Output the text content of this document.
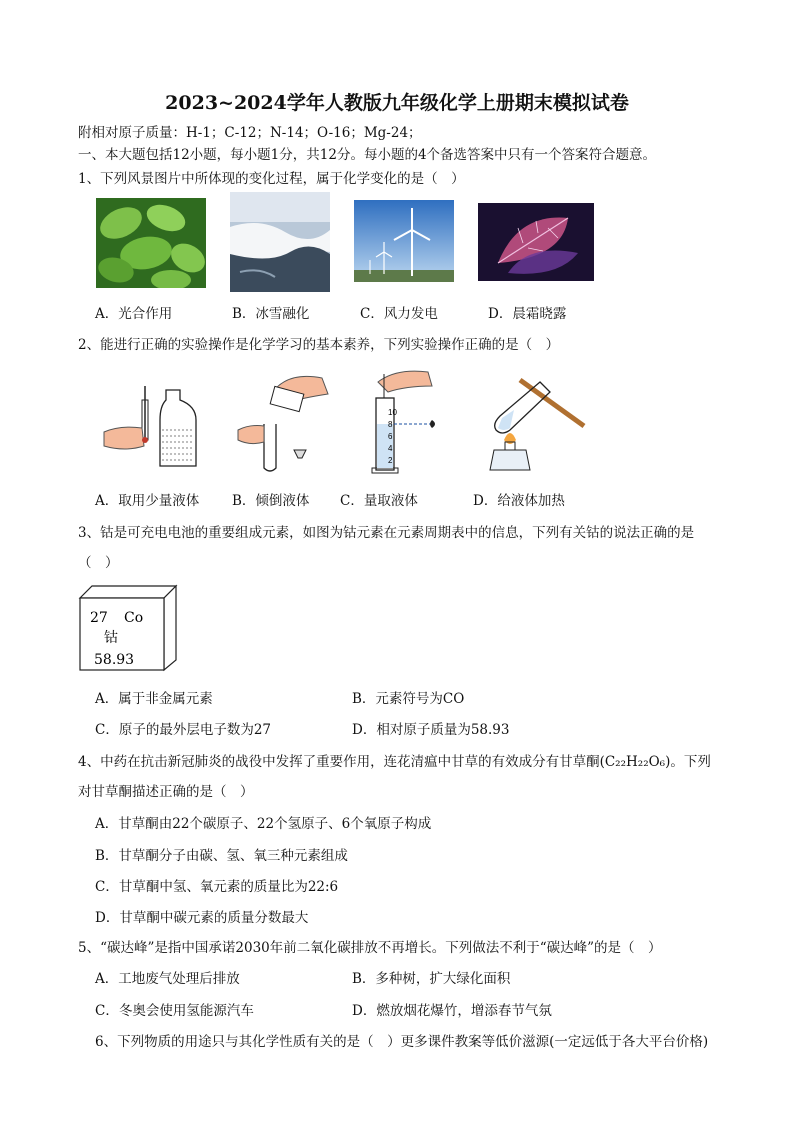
2023~2024学年人教版九年级化学上册期末模拟试卷
附相对原子质量：H-1；C-12；N-14；O-16；Mg-24；
一、本大题包括12小题，每小题1分，共12分。每小题的4个备选答案中只有一个答案符合题意。
1、下列风景图片中所体现的变化过程，属于化学变化的是（　）
A．光合作用	B．冰雪融化	C．风力发电	D．晨霜晓露
2、能进行正确的实验操作是化学学习的基本素养，下列实验操作正确的是（　）
10
8
6
4
2
A．取用少量液体 B．倾倒液体 C．量取液体	D．给液体加热
3、钴是可充电电池的重要组成元素，如图为钴元素在元素周期表中的信息，下列有关钴的说法正确的是
（　）
27 Co
钴
58.93
A．属于非金属元素	B．元素符号为CO
C．原子的最外层电子数为27	D．相对原子质量为58.93
4、中药在抗击新冠肺炎的战役中发挥了重要作用，连花清瘟中甘草的有效成分有甘草酮(C₂₂H₂₂O₆)。下列
对甘草酮描述正确的是（　）
A．甘草酮由22个碳原子、22个氢原子、6个氧原子构成
B．甘草酮分子由碳、氢、氧三种元素组成
C．甘草酮中氢、氧元素的质量比为22:6
D．甘草酮中碳元素的质量分数最大
5、“碳达峰”是指中国承诺2030年前二氧化碳排放不再增长。下列做法不利于“碳达峰”的是（　）
A．工地废气处理后排放	B．多种树，扩大绿化面积
C．冬奥会使用氢能源汽车	D．燃放烟花爆竹，增添春节气氛
6、下列物质的用途只与其化学性质有关的是（　）更多课件教案等低价滋源(一定远低于各大平台价格)
